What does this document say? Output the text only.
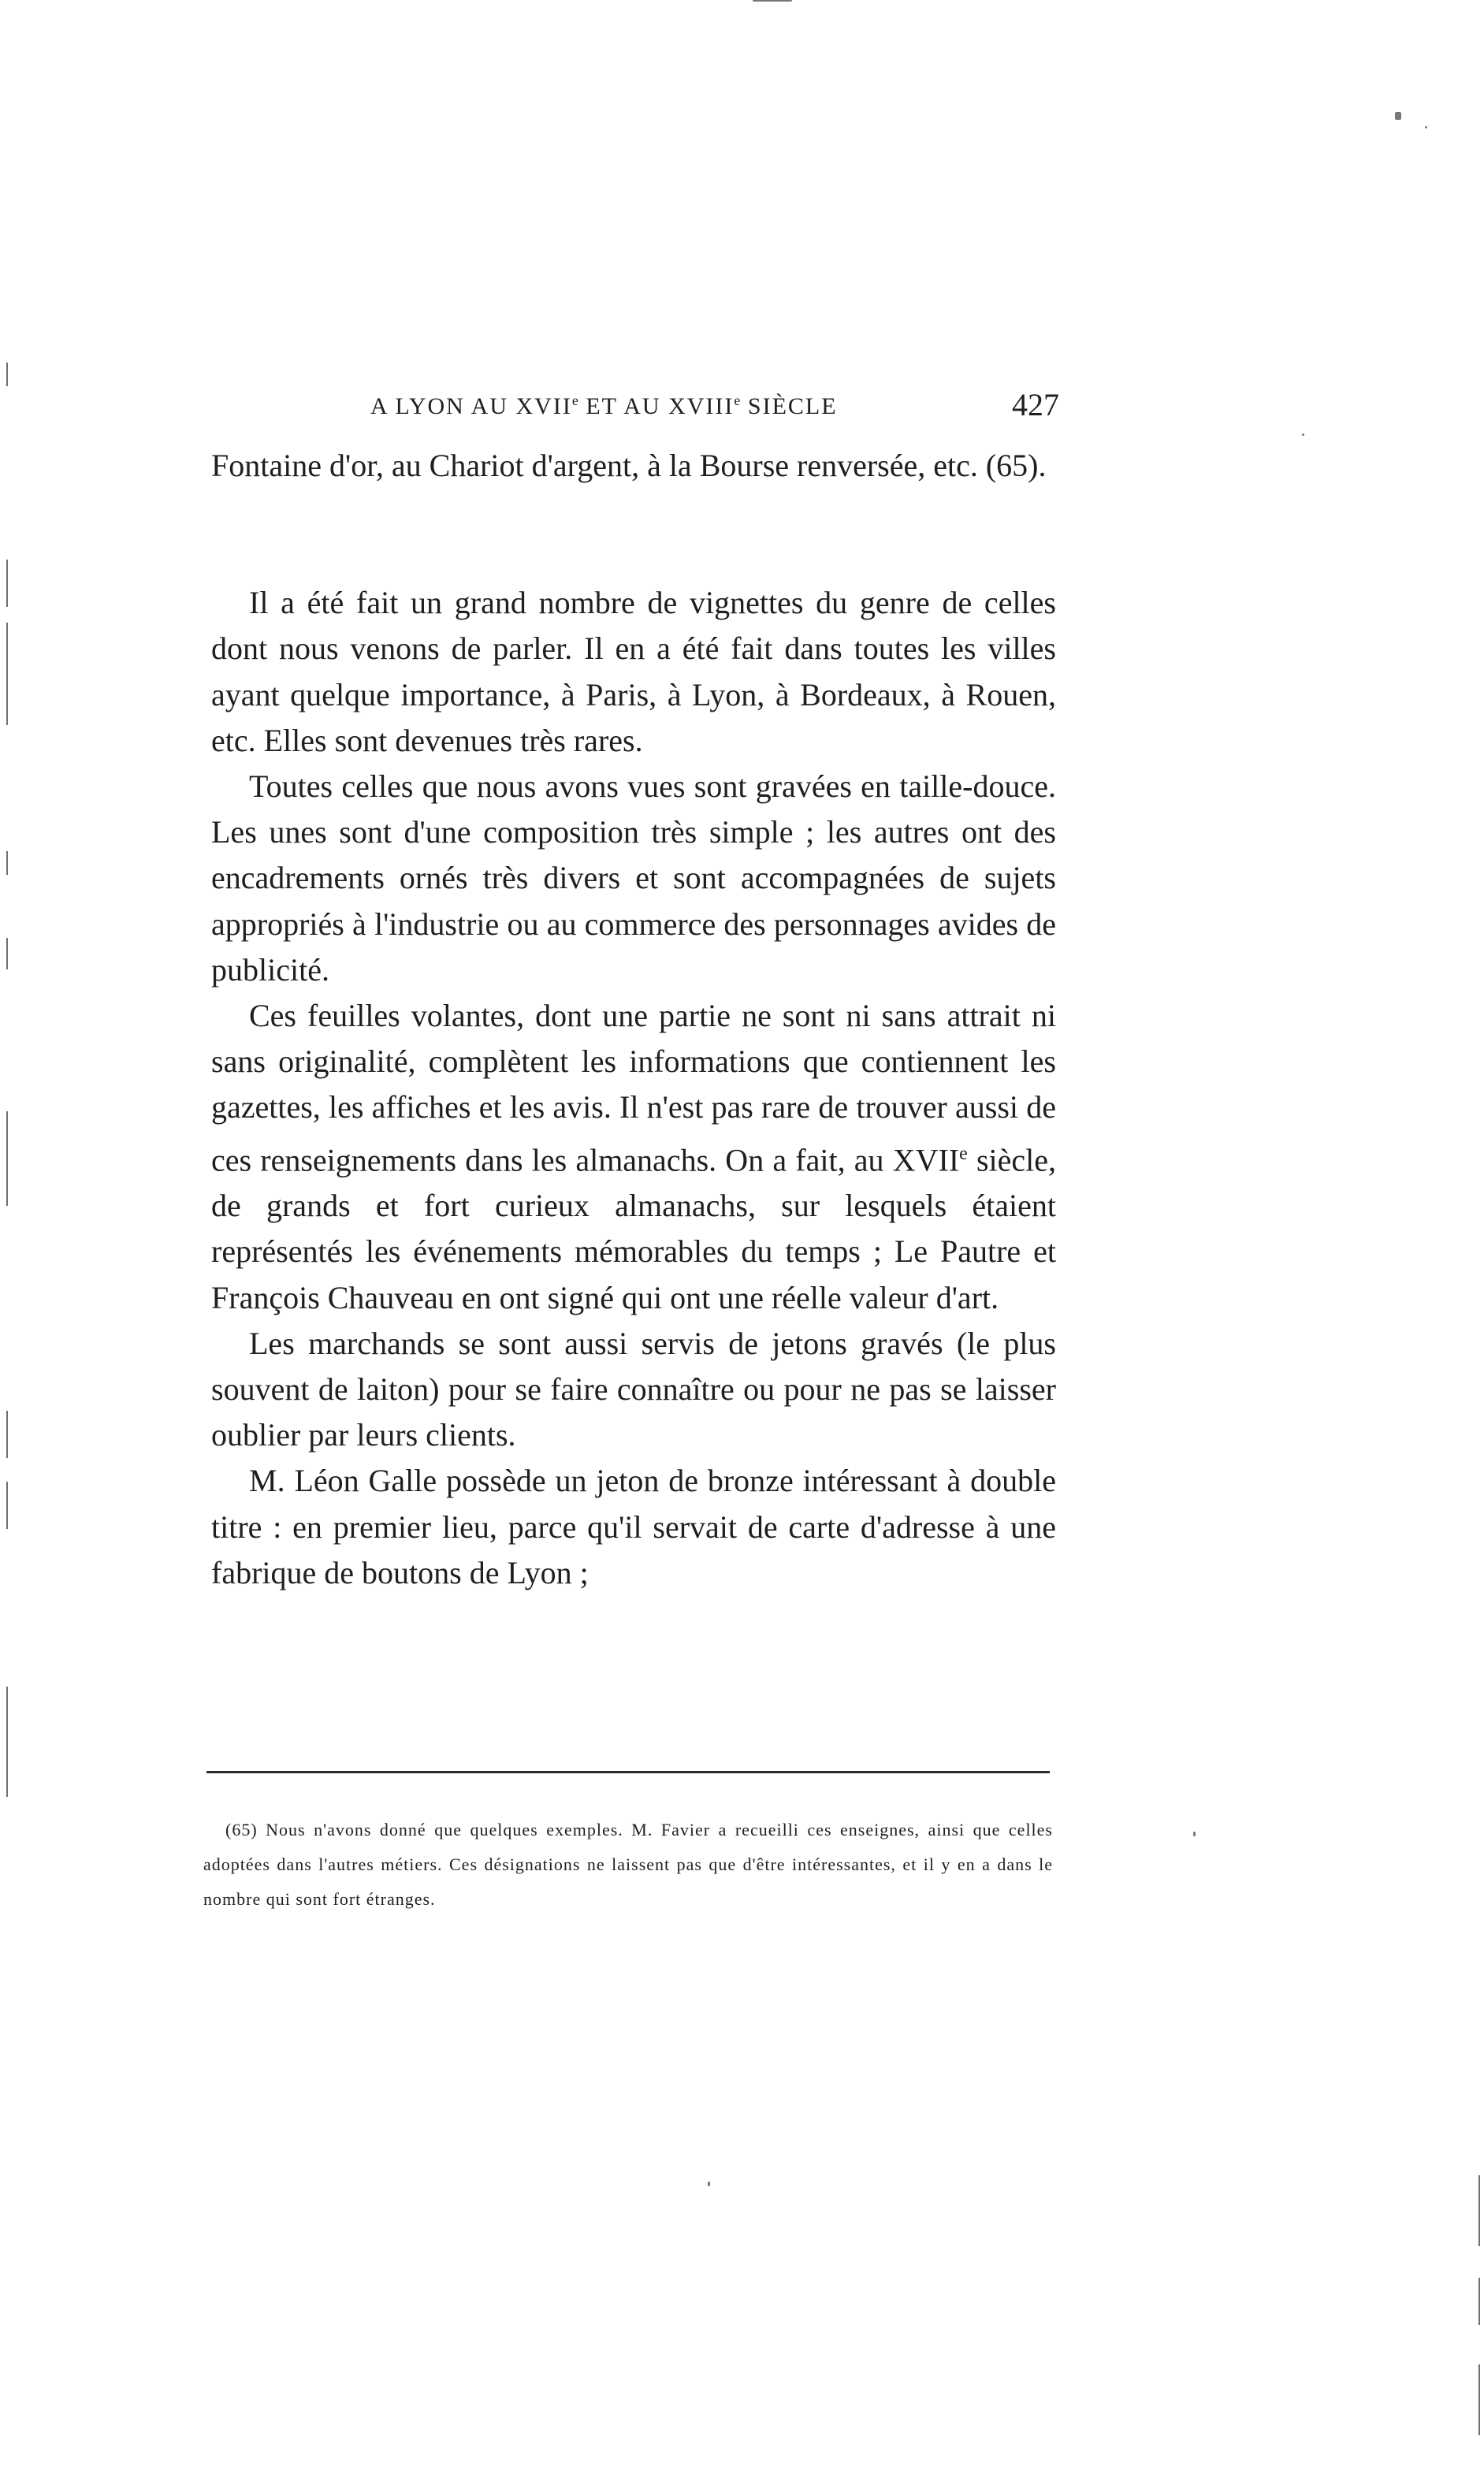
A LYON AU XVIIe ET AU XVIIIe SIÈCLE	427

Fontaine d'or, au Chariot d'argent, à la Bourse renversée, etc. (65).

Il a été fait un grand nombre de vignettes du genre de celles dont nous venons de parler. Il en a été fait dans toutes les villes ayant quelque importance, à Paris, à Lyon, à Bordeaux, à Rouen, etc. Elles sont devenues très rares.

Toutes celles que nous avons vues sont gravées en taille-douce. Les unes sont d'une composition très simple ; les autres ont des encadrements ornés très divers et sont accompagnées de sujets appropriés à l'industrie ou au commerce des personnages avides de publicité.

Ces feuilles volantes, dont une partie ne sont ni sans attrait ni sans originalité, complètent les informations que contiennent les gazettes, les affiches et les avis. Il n'est pas rare de trouver aussi de ces renseignements dans les almanachs. On a fait, au XVIIe siècle, de grands et fort curieux almanachs, sur lesquels étaient représentés les événements mémorables du temps ; Le Pautre et François Chauveau en ont signé qui ont une réelle valeur d'art.

Les marchands se sont aussi servis de jetons gravés (le plus souvent de laiton) pour se faire connaître ou pour ne pas se laisser oublier par leurs clients.

M. Léon Galle possède un jeton de bronze intéressant à double titre : en premier lieu, parce qu'il servait de carte d'adresse à une fabrique de boutons de Lyon ;

(65) Nous n'avons donné que quelques exemples. M. Favier a recueilli ces enseignes, ainsi que celles adoptées dans l'autres métiers. Ces désignations ne laissent pas que d'être intéressantes, et il y en a dans le nombre qui sont fort étranges.
